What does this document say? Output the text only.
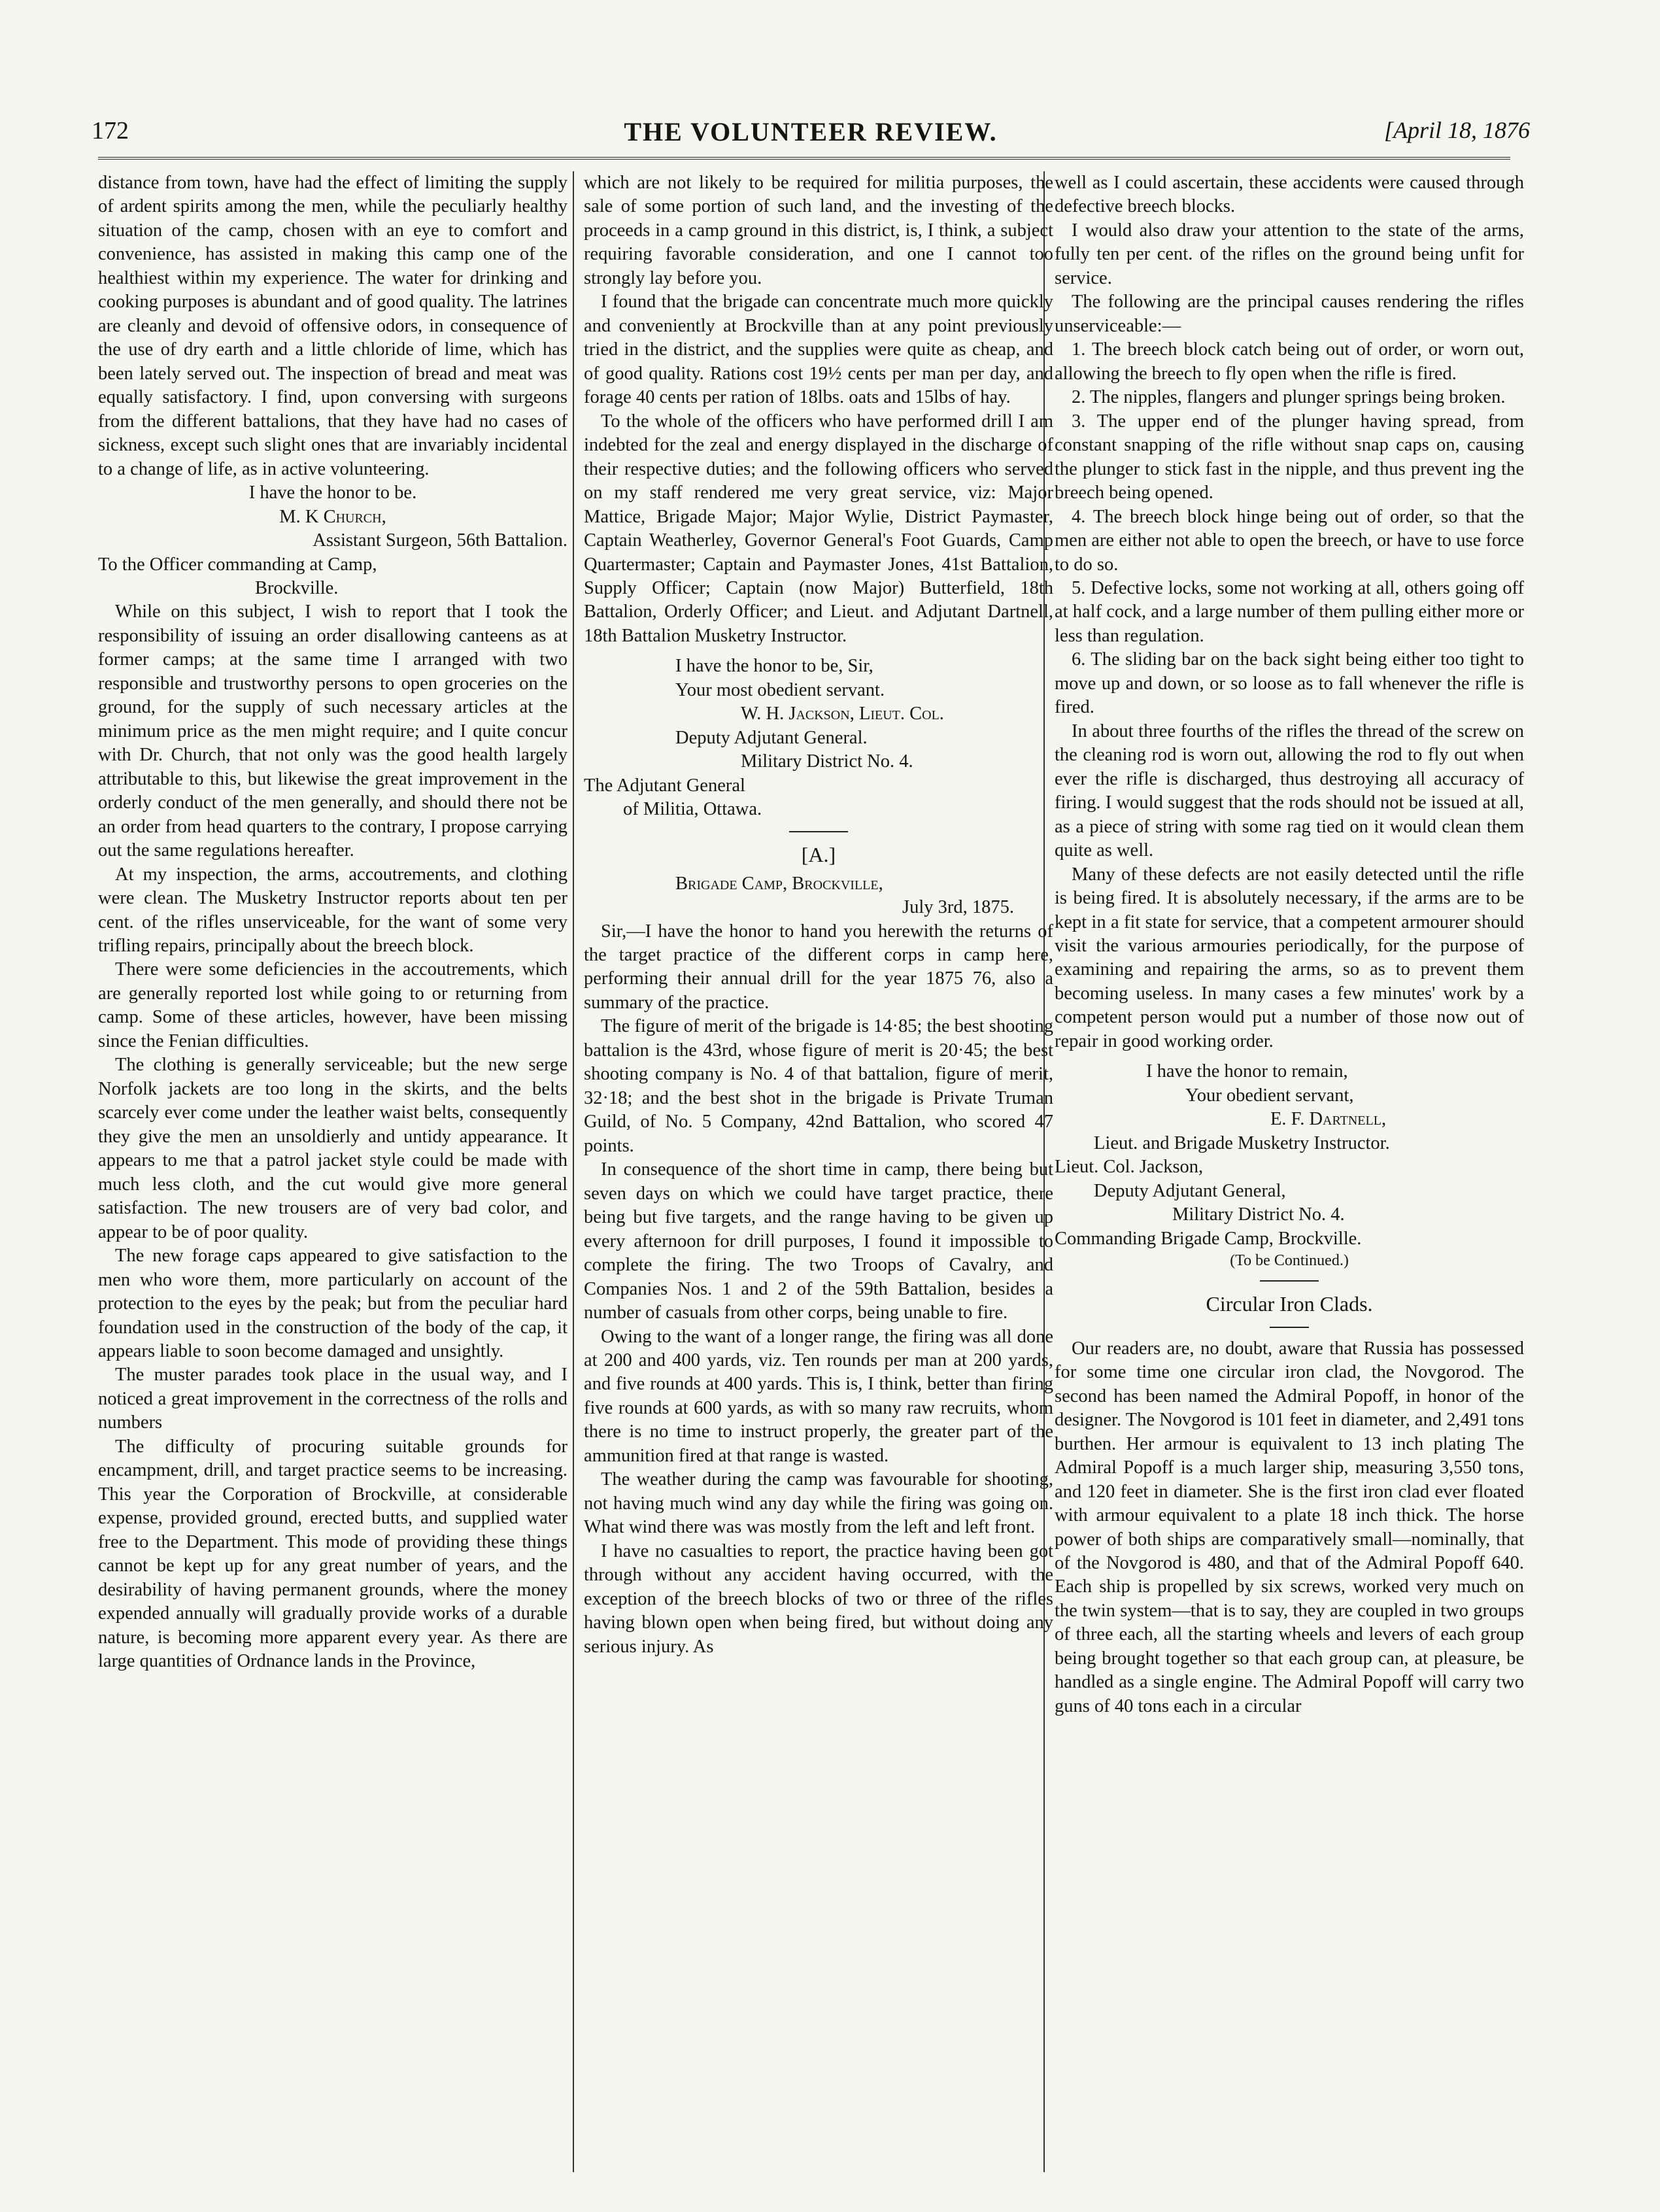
172	THE VOLUNTEER REVIEW.	[April 18, 1876

distance from town, have had the effect of limiting the supply of ardent spirits among the men, while the peculiarly healthy situation of the camp, chosen with an eye to comfort and convenience, has assisted in making this camp one of the healthiest within my experience. The water for drinking and cooking purposes is abundant and of good quality. The latrines are cleanly and devoid of offensive odors, in consequence of the use of dry earth and a little chloride of lime, which has been lately served out. The inspection of bread and meat was equally satisfactory. I find, upon conversing with surgeons from the different battalions, that they have had no cases of sickness, except such slight ones that are invariably incidental to a change of life, as in active volunteering.

I have the honor to be.

M. K Church,

Assistant Surgeon, 56th Battalion.

To the Officer commanding at Camp,

Brockville.

While on this subject, I wish to report that I took the responsibility of issuing an order disallowing canteens as at former camps; at the same time I arranged with two responsible and trustworthy persons to open groceries on the ground, for the supply of such necessary articles at the minimum price as the men might require; and I quite concur with Dr. Church, that not only was the good health largely attributable to this, but likewise the great improvement in the orderly conduct of the men generally, and should there not be an order from head quarters to the contrary, I propose carrying out the same regulations hereafter.

At my inspection, the arms, accoutrements, and clothing were clean. The Musketry Instructor reports about ten per cent. of the rifles unserviceable, for the want of some very trifling repairs, principally about the breech block.

There were some deficiencies in the accoutrements, which are generally reported lost while going to or returning from camp. Some of these articles, however, have been missing since the Fenian difficulties.

The clothing is generally serviceable; but the new serge Norfolk jackets are too long in the skirts, and the belts scarcely ever come under the leather waist belts, consequently they give the men an unsoldierly and untidy appearance. It appears to me that a patrol jacket style could be made with much less cloth, and the cut would give more general satisfaction. The new trousers are of very bad color, and appear to be of poor quality.

The new forage caps appeared to give satisfaction to the men who wore them, more particularly on account of the protection to the eyes by the peak; but from the peculiar hard foundation used in the construction of the body of the cap, it appears liable to soon become damaged and unsightly.

The muster parades took place in the usual way, and I noticed a great improvement in the correctness of the rolls and numbers

The difficulty of procuring suitable grounds for encampment, drill, and target practice seems to be increasing. This year the Corporation of Brockville, at considerable expense, provided ground, erected butts, and supplied water free to the Department. This mode of providing these things cannot be kept up for any great number of years, and the desirability of having permanent grounds, where the money expended annually will gradually provide works of a durable nature, is becoming more apparent every year. As there are large quantities of Ordnance lands in the Province,

which are not likely to be required for militia purposes, the sale of some portion of such land, and the investing of the proceeds in a camp ground in this district, is, I think, a subject requiring favorable consideration, and one I cannot too strongly lay before you.

I found that the brigade can concentrate much more quickly and conveniently at Brockville than at any point previously tried in the district, and the supplies were quite as cheap, and of good quality. Rations cost 19½ cents per man per day, and forage 40 cents per ration of 18lbs. oats and 15lbs of hay.

To the whole of the officers who have performed drill I am indebted for the zeal and energy displayed in the discharge of their respective duties; and the following officers who served on my staff rendered me very great service, viz: Major Mattice, Brigade Major; Major Wylie, District Paymaster, Captain Weatherley, Governor General's Foot Guards, Camp Quartermaster; Captain and Paymaster Jones, 41st Battalion, Supply Officer; Captain (now Major) Butterfield, 18th Battalion, Orderly Officer; and Lieut. and Adjutant Dartnell, 18th Battalion Musketry Instructor.

I have the honor to be, Sir,

Your most obedient servant.

W. H. Jackson, Lieut. Col.

Deputy Adjutant General.

Military District No. 4.

The Adjutant General

of Militia, Ottawa.

[A.]

Brigade Camp, Brockville,

July 3rd, 1875.

Sir,—I have the honor to hand you herewith the returns of the target practice of the different corps in camp here, performing their annual drill for the year 1875 76, also a summary of the practice.

The figure of merit of the brigade is 14·85; the best shooting battalion is the 43rd, whose figure of merit is 20·45; the best shooting company is No. 4 of that battalion, figure of merit, 32·18; and the best shot in the brigade is Private Truman Guild, of No. 5 Company, 42nd Battalion, who scored 47 points.

In consequence of the short time in camp, there being but seven days on which we could have target practice, there being but five targets, and the range having to be given up every afternoon for drill purposes, I found it impossible to complete the firing. The two Troops of Cavalry, and Companies Nos. 1 and 2 of the 59th Battalion, besides a number of casuals from other corps, being unable to fire.

Owing to the want of a longer range, the firing was all done at 200 and 400 yards, viz. Ten rounds per man at 200 yards, and five rounds at 400 yards. This is, I think, better than firing five rounds at 600 yards, as with so many raw recruits, whom there is no time to instruct properly, the greater part of the ammunition fired at that range is wasted.

The weather during the camp was favourable for shooting, not having much wind any day while the firing was going on. What wind there was was mostly from the left and left front.

I have no casualties to report, the practice having been got through without any accident having occurred, with the exception of the breech blocks of two or three of the rifles having blown open when being fired, but without doing any serious injury. As

well as I could ascertain, these accidents were caused through defective breech blocks.

I would also draw your attention to the state of the arms, fully ten per cent. of the rifles on the ground being unfit for service.

The following are the principal causes rendering the rifles unserviceable:—

1. The breech block catch being out of order, or worn out, allowing the breech to fly open when the rifle is fired.

2. The nipples, flangers and plunger springs being broken.

3. The upper end of the plunger having spread, from constant snapping of the rifle without snap caps on, causing the plunger to stick fast in the nipple, and thus prevent ing the breech being opened.

4. The breech block hinge being out of order, so that the men are either not able to open the breech, or have to use force to do so.

5. Defective locks, some not working at all, others going off at half cock, and a large number of them pulling either more or less than regulation.

6. The sliding bar on the back sight being either too tight to move up and down, or so loose as to fall whenever the rifle is fired.

In about three fourths of the rifles the thread of the screw on the cleaning rod is worn out, allowing the rod to fly out when ever the rifle is discharged, thus destroying all accuracy of firing. I would suggest that the rods should not be issued at all, as a piece of string with some rag tied on it would clean them quite as well.

Many of these defects are not easily detected until the rifle is being fired. It is absolutely necessary, if the arms are to be kept in a fit state for service, that a competent armourer should visit the various armouries periodically, for the purpose of examining and repairing the arms, so as to prevent them becoming useless. In many cases a few minutes' work by a competent person would put a number of those now out of repair in good working order.

I have the honor to remain,

Your obedient servant,

E. F. Dartnell,

Lieut. and Brigade Musketry Instructor.

Lieut. Col. Jackson,

Deputy Adjutant General,

Military District No. 4.

Commanding Brigade Camp, Brockville.

(To be Continued.)

Circular Iron Clads.

Our readers are, no doubt, aware that Russia has possessed for some time one circular iron clad, the Novgorod. The second has been named the Admiral Popoff, in honor of the designer. The Novgorod is 101 feet in diameter, and 2,491 tons burthen. Her armour is equivalent to 13 inch plating The Admiral Popoff is a much larger ship, measuring 3,550 tons, and 120 feet in diameter. She is the first iron clad ever floated with armour equivalent to a plate 18 inch thick. The horse power of both ships are comparatively small—nominally, that of the Novgorod is 480, and that of the Admiral Popoff 640. Each ship is propelled by six screws, worked very much on the twin system—that is to say, they are coupled in two groups of three each, all the starting wheels and levers of each group being brought together so that each group can, at pleasure, be handled as a single engine. The Admiral Popoff will carry two guns of 40 tons each in a circular
